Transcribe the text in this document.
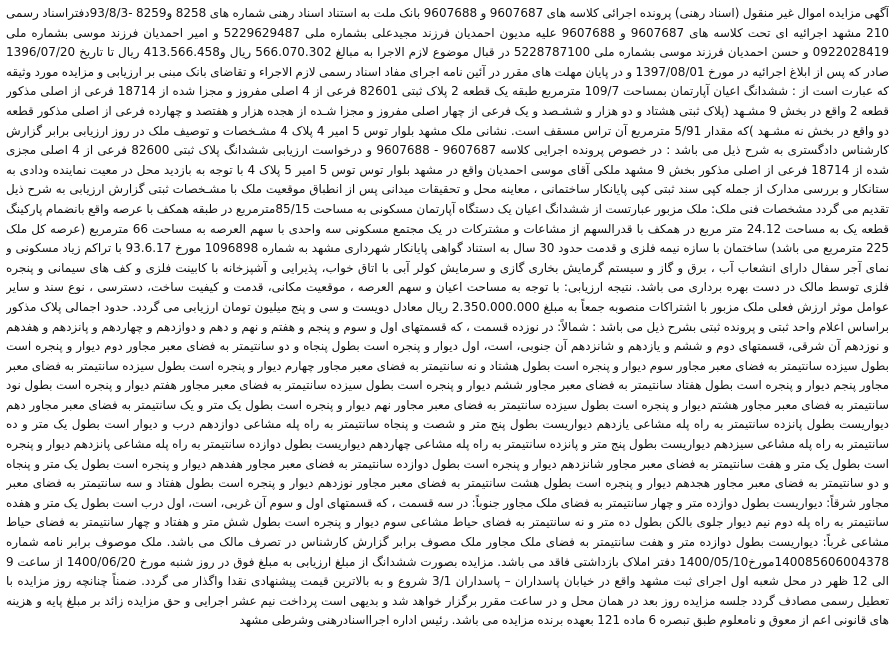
آگهی مزایده اموال غیر منقول (اسناد رهنی) پرونده اجرائی کلاسه های 9607687 و 9607688 بانک ملت به استناد اسناد رهنی شماره های 8258 و8259 -93/8/3دفتراسناد رسمی 210 مشهد اجرائیه ای تحت کلاسه های 9607687 و 9607688 علیه مدیون احمدیان فرزند مجیدعلی بشماره ملی 5229629487 و امیر احمدیان فرزند موسی بشماره ملی 0922028419 و حسن احمدیان فرزند موسی بشماره ملی 5228787100 در قبال موضوع لازم الاجرا به مبالغ 566.070.302 ریال و413.566.458 ریال تا تاریخ 1396/07/20 صادر که پس از ابلاغ اجرائیه در مورخ 1397/08/01 و در پایان مهلت های مقرر در آئین نامه اجرای مفاد اسناد رسمی لازم الاجراء و تقاضای بانک مبنی بر ارزیابی و مزایده مورد وثیقه که عبارت است از : ششدانگ اعیان آپارتمان بمساحت 109/7 مترمربع طبقه یک قطعه 2 پلاک ثبتی 82601 فرعی از 4 اصلی مفروز و مجزا شده از 18714 فرعی از اصلی مذکور قطعه 2 واقع در بخش 9 مشـهد (پلاک ثبتی هشتاد و دو هزار و ششـصد و یک فرعی از چهار اصلی مفروز و مجزا شـده از هجده هزار و هفتصد و چهارده فرعی از اصلی مذکور قطعه دو واقع در بخش نه مشـهد )که مقدار 5/91 مترمربع آن تراس مسقف است. نشانی ملک مشهد بلوار توس 5 امیر 4 پلاک 4 مشـخصات و توصیف ملک در روز ارزیابی برابر گزارش کارشناس دادگستری به شرح ذیل می باشد : در خصوص پرونده اجرایی کلاسه 9607687 - 9607688 و درخواست ارزیابی ششدانگ پلاک ثبتی 82600 فرعی از 4 اصلی مجزی شده از 18714 فرعی از اصلی مذکور بخش 9 مشهد ملکی آقای موسی احمدیان واقع در مشهد بلوار توس توس 5 امیر 5 پلاک 4 با توجه به بازدید محل در معیت نماینده ودادی به ستانکار و بررسی مدارک از جمله کپی سند ثبتی کپی پایانکار ساختمانی ، معاینه محل و تحقیقات میدانی پس از انطباق موقعیت ملک با مشـخصات ثبتی گزارش ارزیابی به شرح ذیل تقدیم می گردد مشخصات فنی ملک: ملک مزبور عبارتست از ششدانگ اعیان یک دستگاه آپارتمان مسکونی به مساحت 85/15مترمربع در طبقه همکف با عرصه واقع بانضمام پارکینگ قطعه یک به مساحت 24.12 متر مربع در همکف با قدرالسهم از مشاعات و مشترکات در یک مجتمع مسکونی سه واحدی با سهم العرصه به مساحت 66 مترمربع (عرصه کل ملک 225 مترمربع می باشد) ساختمان با سازه نیمه فلزی و قدمت حدود 30 سال به استناد گواهی پایانکار شهرداری مشهد به شماره 1096898 مورخ 93.6.17 با تراکم زیاد مسکونی و نمای آجر سفال دارای انشعاب آب ، برق و گاز و سیستم گرمایش بخاری گازی و سرمایش کولر آبی با اتاق خواب، پذیرایی و آشپزخانه با کابینت فلزی و کف های سیمانی و پنجره فلزی توسط مالک در دست بهره برداری می باشد. نتیجه ارزیابی: با توجه به مساحت اعیان و سهم العرصه ، موقعیت مکانی، قدمت و کیفیت ساخت، دسترسی ، نوع سند و سایر عوامل موثر ارزش فعلی ملک مزبور با اشتراکات منصوبه جمعاً به مبلغ 2.350.000.000 ریال معادل دویست و سی و پنج میلیون تومان ارزیابی می گردد. حدود اجمالی پلاک مذکور براساس اعلام واحد ثبتی و پرونده ثبتی بشرح ذیل می باشد : شمالاً: در نوزده قسمت ، که قسمتهای اول و سوم و پنجم و هفتم و نهم و دهم و دوازدهم و چهاردهم و پانزدهم و هفدهم و نوزدهم آن شرقی، قسمتهای دوم و ششم و یازدهم و شانزدهم آن جنوبی، است، اول دیوار و پنجره است بطول پنجاه و دو سانتیمتر به فضای معبر مجاور دوم دیوار و پنجره است بطول سیزده سانتیمتر به فضای معبر مجاور سوم دیوار و پنجره است بطول هشتاد و نه سانتیمتر به فضای معبر مجاور چهارم دیوار و پنجره است بطول سیزده سانتیمتر به فضای معبر مجاور پنجم دیوار و پنجره است بطول هفتاد سانتیمتر به فضای معبر مجاور ششم دیوار و پنجره است بطول سیزده سانتیمتر به فضای معبر مجاور هفتم دیوار و پنجره است بطول نود سانتیمتر به فضای معبر مجاور هشتم دیوار و پنجره است بطول سیزده سانتیمتر به فضای معبر مجاور نهم دیوار و پنجره است بطول یک متر و یک سانتیمتر به فضای معبر مجاور دهم دیواریست بطول پانزده سانتیمتر به راه پله مشاعی یازدهم دیواریست بطول پنج متر و شصت و پنجاه سانتیمتر به راه پله مشاعی دوازدهم درب و دیوار است بطول یک متر و ده سانتیمتر به راه پله مشاعی سیزدهم دیواریست بطول پنج متر و پانزده سانتیمتر به راه پله مشاعی چهاردهم دیواریست بطول دوازده سانتیمتر به راه پله مشاعی پانزدهم دیوار و پنجره است بطول یک متر و هفت سانتیمتر به فضای معبر مجاور شانزدهم دیوار و پنجره است بطول دوازده سانتیمتر به فضای معبر مجاور هفدهم دیوار و پنجره است بطول یک متر و پنجاه و دو سانتیمتر به فضای معبر مجاور هجدهم دیوار و پنجره است بطول هشت سانتیمتر به فضای معبر مجاور نوزدهم دیوار و پنجره است بطول هفتاد و سه سانتیمتر به فضای معبر مجاور شرقاً: دیواریست بطول دوازده متر و چهار سانتیمتر به فضای ملک مجاور جنوباً: در سه قسمت ، که قسمتهای اول و سوم آن غربی، است، اول درب است بطول یک متر و هفده سانتیمتر به راه پله دوم نیم دیوار جلوی بالکن بطول ده متر و نه سانتیمتر به فضای حیاط مشاعی سوم دیوار و پنجره است بطول شش متر و هفتاد و چهار سانتیمتر به فضای حیاط مشاعی غرباً: دیواریست بطول دوازده متر و هفت سانتیمتر به فضای ملک مجاور ملک مصوف برابر گزارش کارشناس در تصرف مالک می باشد. ملک موصوف برابر نامه شماره 140085606004378مورخ1400/05/10 دفتر املاک بازداشتی فاقد می باشد. مزایده بصورت ششدانگ از مبلغ ارزیابی به مبلغ فوق در روز شنبه مورخ 1400/06/20 از ساعت 9 الی 12 ظهر در محل شعبه اول اجرای ثبت مشهد واقع در خیابان پاسداران – پاسداران 3/1 شروع و به بالاترین قیمت پیشنهادی نقدا واگذار می گردد. ضمناً چنانچه روز مزایده با تعطیل رسمی مصادف گردد جلسه مزایده روز بعد در همان محل و در ساعت مقرر برگزار خواهد شد و بدیهی است پرداخت نیم عشر اجرایی و حق مزایده زائد بر مبلغ پایه و هزینه های قانونی اعم از معوق و نامعلوم طبق تبصره 6 ماده 121 بعهده برنده مزایده می باشد. رئیس اداره اجرااسنادرهنی وشرطی مشهد
